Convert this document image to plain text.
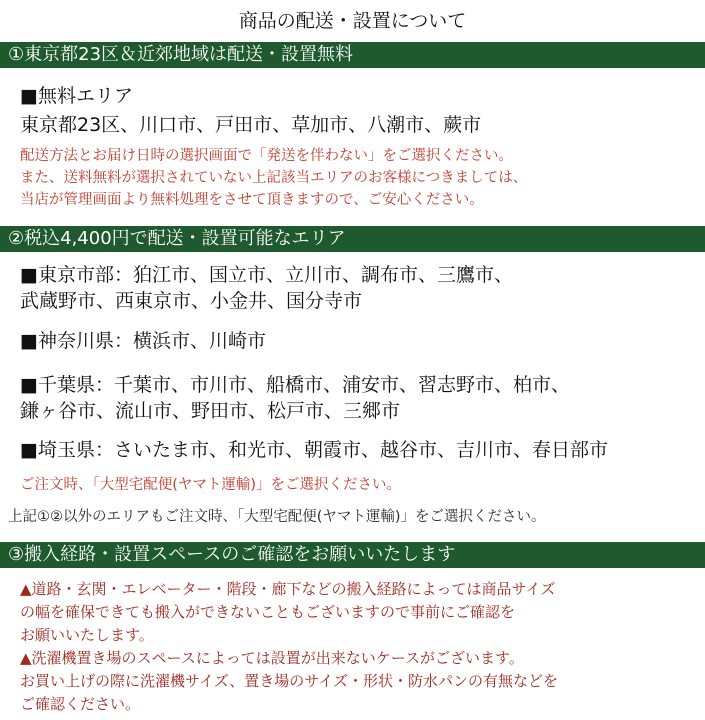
商品の配送・設置について
①東京都23区＆近郊地域は配送・設置無料
■無料エリア
東京都23区、川口市、戸田市、草加市、八潮市、蕨市
配送方法とお届け日時の選択画面で「発送を伴わない」をご選択ください。
また、送料無料が選択されていない上記該当エリアのお客様につきましては、
当店が管理画面より無料処理をさせて頂きますので、ご安心ください。
②税込4,400円で配送・設置可能なエリア
■東京市部：狛江市、国立市、立川市、調布市、三鷹市、
武蔵野市、西東京市、小金井、国分寺市
■神奈川県：横浜市、川崎市
■千葉県：千葉市、市川市、船橋市、浦安市、習志野市、柏市、
鎌ヶ谷市、流山市、野田市、松戸市、三郷市
■埼玉県：さいたま市、和光市、朝霞市、越谷市、吉川市、春日部市
ご注文時、「大型宅配便(ヤマト運輸)」をご選択ください。
上記①②以外のエリアもご注文時、「大型宅配便(ヤマト運輸)」をご選択ください。
③搬入経路・設置スペースのご確認をお願いいたします
▲道路・玄関・エレベーター・階段・廊下などの搬入経路によっては商品サイズ
の幅を確保できても搬入ができないこともございますので事前にご確認を
お願いいたします。
▲洗濯機置き場のスペースによっては設置が出来ないケースがございます。
お買い上げの際に洗濯機サイズ、置き場のサイズ・形状・防水パンの有無などを
ご確認ください。
